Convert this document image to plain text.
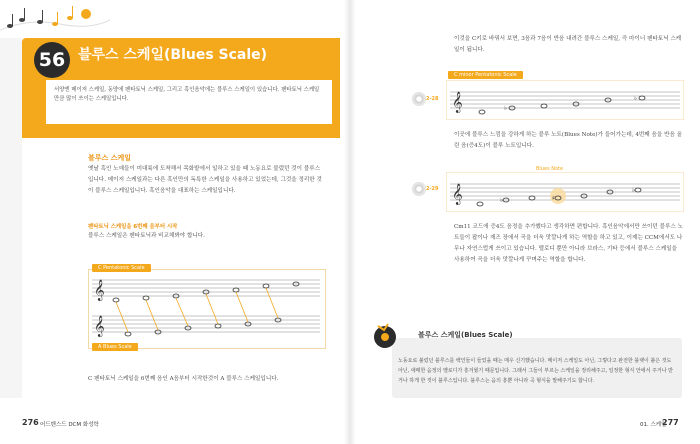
56 블루스 스케일(Blues Scale)
서양엔 메이저 스케일, 동양에 펜타토닉 스케일, 그리고 흑인음악에는 블루스 스케일이 있습니다. 펜타토닉 스케일만큼 많이 쓰이는 스케일입니다.
블루스 스케일
옛날 흑인 노예들이 미대륙에 도착해서 목화밭에서 일하고 있을 때 노동요로 불렀던 것이 블루스입니다. 메이저 스케일과는 다른 흑인만의 독특한 스케일을 사용하고 있었는데, 그것을 정리한 것이 블루스 스케일입니다. 흑인음악을 대표하는 스케일입니다.
펜타토닉 스케일을 6번째 음부터 시작
블루스 스케일은 펜타토닉과 비교해봐야 합니다.
C Pentatonic Scale
A Blues Scale
𝄞
𝄞
C 펜타토닉 스케일을 6번째 음인 A음부터 시작한것이 A 블루스 스케일입니다.
276 어드밴스드 DCM 화성학
이것을 C키로 바꿔서 보면, 3음과 7음이 반음 내려간 블루스 스케일, 즉 마이너 펜타토닉 스케일이 됩니다.
C minor Pentatonic Scale
2-28 𝄞	♭
♭
이곳에 블루스 느낌을 강하게 하는 블루 노트(Blues Note)가 들어가는데, 4번째 음을 반음 올린 음(증4도)이 블루 노트입니다.
Blues Note
2-29 𝄞	♭	♯
♭
Cm11 코드에 증4도 음정을 추가했다고 생각하면 편합니다. 흑인음악에서만 쓰이던 블루스 노트들이 팝이나 재즈 장에서 곡을 더욱 맛깔나게 하는 역할을 하고 있고, 이제는 CCM에서도 나무나 자연스럽게 쓰이고 있습니다. 멜로디 뿐만 아니라 브라스, 기타 등에서 블루스 스케일을 사용하여 곡을 더욱 맛깔나게 꾸며주는 역할을 합니다.
블루스 스케일(Blues Scale)
노동요로 불렀던 블루스를 백인들이 들었을 때는 매우 신기했습니다. 메이저 스케일도 아닌, 그렇다고 완전한 블랫이 붙은 것도 아닌, 애매한 음정의 멜로디가 흥겨웠기 때문입니다. 그래서 그들이 부르는 스케일을 정리해주고, 일정한 형식 안에서 주거나 받거나 하게 한 것이 블루스입니다. 블루스는 음의 흥뿐 아니라 곡 형식을 말해주기도 합니다.
01. 스케일
277
